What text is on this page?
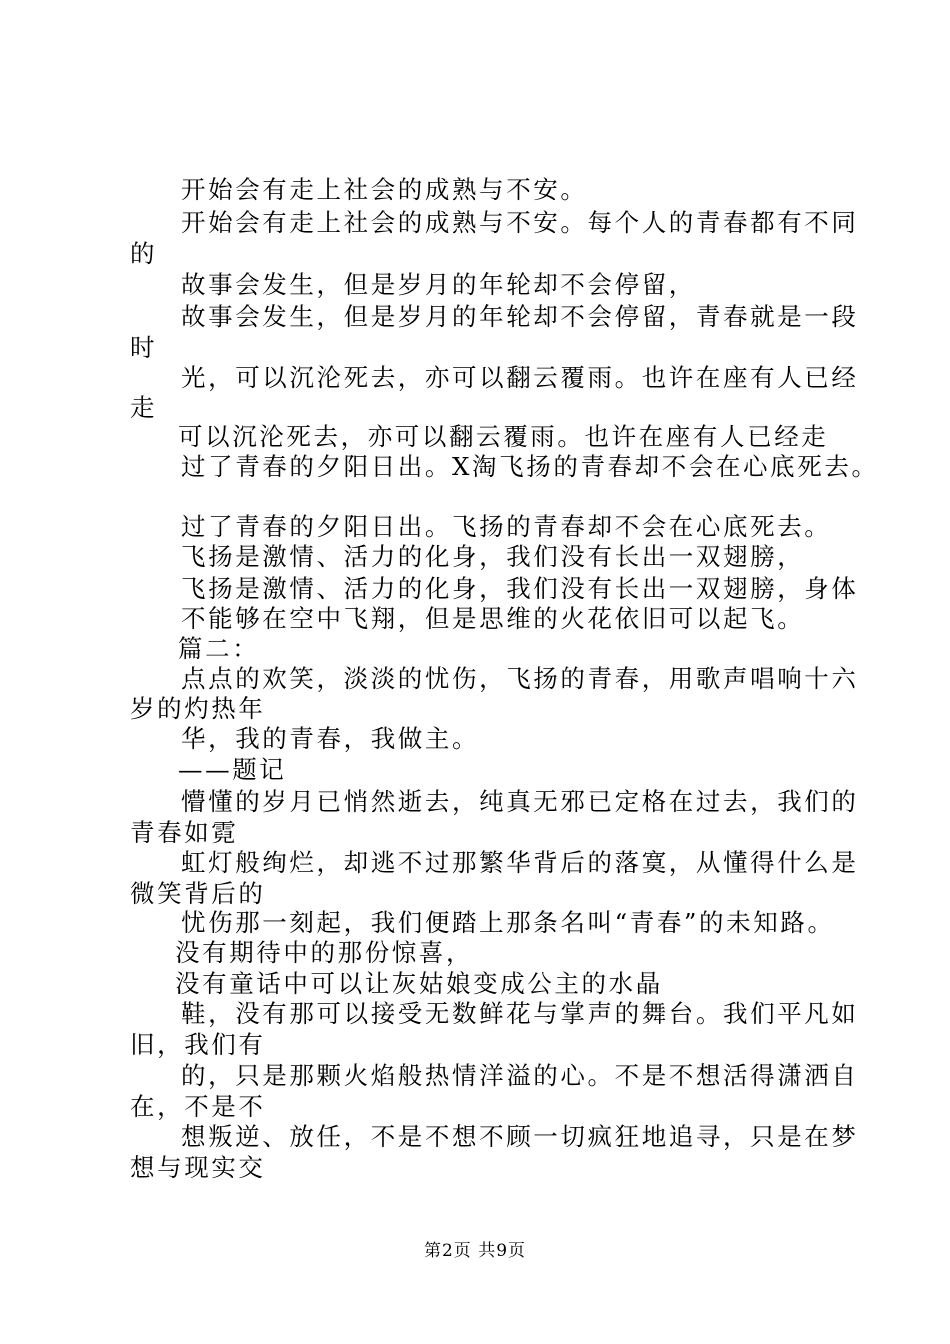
开始会有走上社会的成熟与不安。
开始会有走上社会的成熟与不安。每个人的青春都有不同
的
故事会发生，但是岁月的年轮却不会停留，
故事会发生，但是岁月的年轮却不会停留，青春就是一段
时
光，可以沉沦死去，亦可以翻云覆雨。也许在座有人已经
走
可以沉沦死去，亦可以翻云覆雨。也许在座有人已经走
过了青春的夕阳日出。X淘飞扬的青春却不会在心底死去。
过了青春的夕阳日出。飞扬的青春却不会在心底死去。
飞扬是激情、活力的化身，我们没有长出一双翅膀，
飞扬是激情、活力的化身，我们没有长出一双翅膀，身体
不能够在空中飞翔，但是思维的火花依旧可以起飞。
篇二：
点点的欢笑，淡淡的忧伤，飞扬的青春，用歌声唱响十六
岁的灼热年
华，我的青春，我做主。
——题记
懵懂的岁月已悄然逝去，纯真无邪已定格在过去，我们的
青春如霓
虹灯般绚烂，却逃不过那繁华背后的落寞，从懂得什么是
微笑背后的
忧伤那一刻起，我们便踏上那条名叫“青春”的未知路。
没有期待中的那份惊喜，
没有童话中可以让灰姑娘变成公主的水晶
鞋，没有那可以接受无数鲜花与掌声的舞台。我们平凡如
旧，我们有
的，只是那颗火焰般热情洋溢的心。不是不想活得潇洒自
在，不是不
想叛逆、放任，不是不想不顾一切疯狂地追寻，只是在梦
想与现实交
第2页 共9页
